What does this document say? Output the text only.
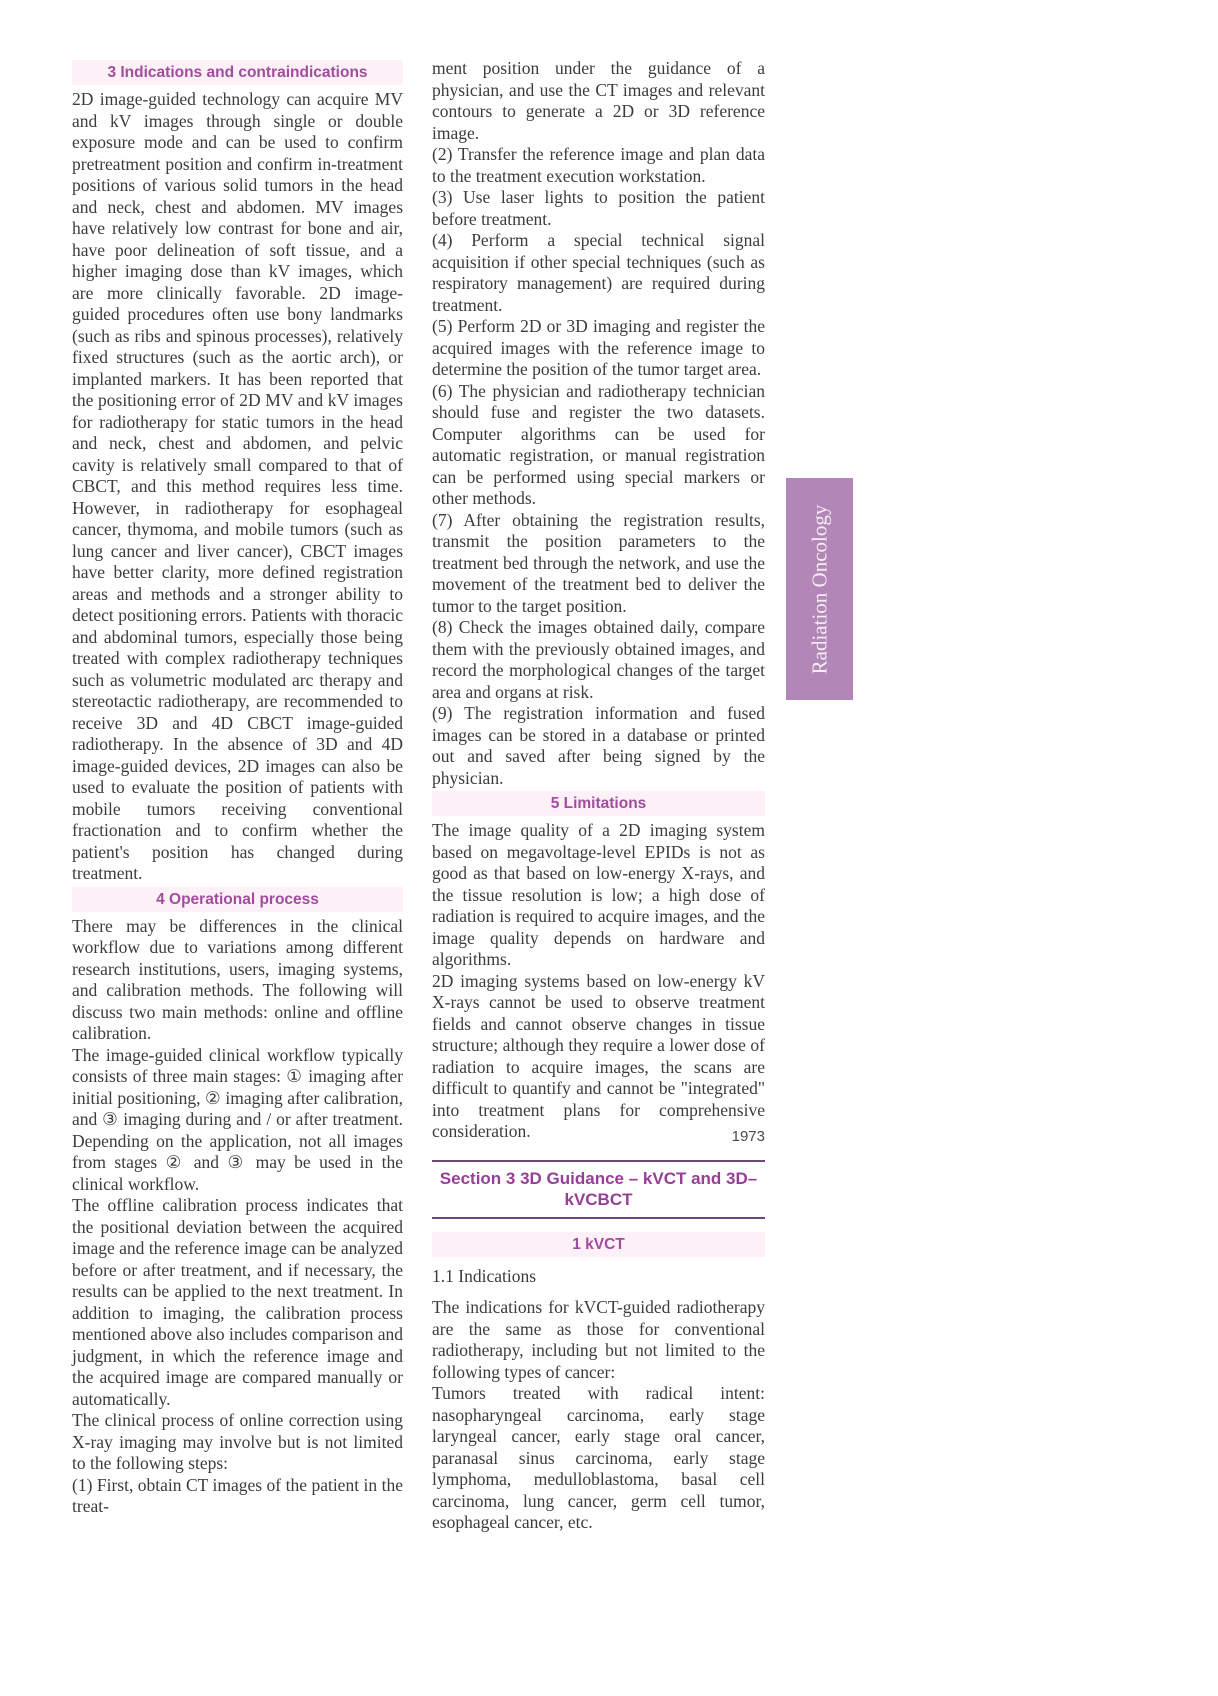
3 Indications and contraindications
2D image-guided technology can acquire MV and kV images through single or double exposure mode and can be used to confirm pretreatment position and confirm in-treatment positions of various solid tumors in the head and neck, chest and abdomen. MV images have relatively low contrast for bone and air, have poor delineation of soft tissue, and a higher imaging dose than kV images, which are more clinically favorable. 2D image-guided procedures often use bony landmarks (such as ribs and spinous processes), relatively fixed structures (such as the aortic arch), or implanted markers. It has been reported that the positioning error of 2D MV and kV images for radiotherapy for static tumors in the head and neck, chest and abdomen, and pelvic cavity is relatively small compared to that of CBCT, and this method requires less time. However, in radiotherapy for esophageal cancer, thymoma, and mobile tumors (such as lung cancer and liver cancer), CBCT images have better clarity, more defined registration areas and methods and a stronger ability to detect positioning errors. Patients with thoracic and abdominal tumors, especially those being treated with complex radiotherapy techniques such as volumetric modulated arc therapy and stereotactic radiotherapy, are recommended to receive 3D and 4D CBCT image-guided radiotherapy. In the absence of 3D and 4D image-guided devices, 2D images can also be used to evaluate the position of patients with mobile tumors receiving conventional fractionation and to confirm whether the patient's position has changed during treatment.
4 Operational process
There may be differences in the clinical workflow due to variations among different research institutions, users, imaging systems, and calibration methods. The following will discuss two main methods: online and offline calibration.
The image-guided clinical workflow typically consists of three main stages: ① imaging after initial positioning, ② imaging after calibration, and ③ imaging during and / or after treatment. Depending on the application, not all images from stages ② and ③ may be used in the clinical workflow.
The offline calibration process indicates that the positional deviation between the acquired image and the reference image can be analyzed before or after treatment, and if necessary, the results can be applied to the next treatment. In addition to imaging, the calibration process mentioned above also includes comparison and judgment, in which the reference image and the acquired image are compared manually or automatically.
The clinical process of online correction using X-ray imaging may involve but is not limited to the following steps:
(1) First, obtain CT images of the patient in the treat-
ment position under the guidance of a physician, and use the CT images and relevant contours to generate a 2D or 3D reference image.
(2) Transfer the reference image and plan data to the treatment execution workstation.
(3) Use laser lights to position the patient before treatment.
(4) Perform a special technical signal acquisition if other special techniques (such as respiratory management) are required during treatment.
(5) Perform 2D or 3D imaging and register the acquired images with the reference image to determine the position of the tumor target area.
(6) The physician and radiotherapy technician should fuse and register the two datasets. Computer algorithms can be used for automatic registration, or manual registration can be performed using special markers or other methods.
(7) After obtaining the registration results, transmit the position parameters to the treatment bed through the network, and use the movement of the treatment bed to deliver the tumor to the target position.
(8) Check the images obtained daily, compare them with the previously obtained images, and record the morphological changes of the target area and organs at risk.
(9) The registration information and fused images can be stored in a database or printed out and saved after being signed by the physician.
5 Limitations
The image quality of a 2D imaging system based on megavoltage-level EPIDs is not as good as that based on low-energy X-rays, and the tissue resolution is low; a high dose of radiation is required to acquire images, and the image quality depends on hardware and algorithms.
2D imaging systems based on low-energy kV X-rays cannot be used to observe treatment fields and cannot observe changes in tissue structure; although they require a lower dose of radiation to acquire images, the scans are difficult to quantify and cannot be "integrated" into treatment plans for comprehensive consideration.
Section 3 3D Guidance – kVCT and 3D–kVCBCT
1 kVCT
1.1 Indications
The indications for kVCT-guided radiotherapy are the same as those for conventional radiotherapy, including but not limited to the following types of cancer:
Tumors treated with radical intent: nasopharyngeal carcinoma, early stage laryngeal cancer, early stage oral cancer, paranasal sinus carcinoma, early stage lymphoma, medulloblastoma, basal cell carcinoma, lung cancer, germ cell tumor, esophageal cancer, etc.
1973
Radiation Oncology
